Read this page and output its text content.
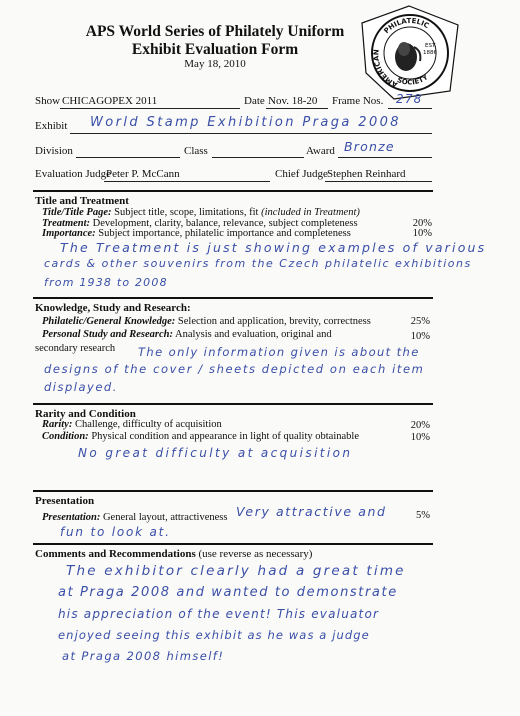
APS World Series of Philately Uniform
Exhibit Evaluation Form
May 18, 2010
PHILATELIC
AMERICAN
SOCIETY
EST.
1886
Show CHICAGOPEX 2011	Date Nov. 18-20 Frame Nos. 278
Exhibit World Stamp Exhibition Praga 2008
Division	Class	Award Bronze
Evaluation Judge
Peter P. McCann	Chief Judge Stephen Reinhard
Title and Treatment
Title/Title Page: Subject title, scope, limitations, fit (included in Treatment)
Treatment: Development, clarity, balance, relevance, subject completeness	20%
Importance: Subject importance, philatelic importance and completeness	10%
The Treatment is just showing examples of various
cards & other souvenirs from the Czech philatelic exhibitions
from 1938 to 2008
Knowledge, Study and Research:
Philatelic/General Knowledge: Selection and application, brevity, correctness	25%
Personal Study and Research: Analysis and evaluation, original and	10%
secondary research The only information given is about the
designs of the cover / sheets depicted on each item
displayed.
Rarity and Condition
Rarity: Challenge, difficulty of acquisition	20%
Condition: Physical condition and appearance in light of quality obtainable	10%
No great difficulty at acquisition
Presentation
Presentation: General layout, attractiveness	5%
Very attractive and
fun to look at.
Comments and Recommendations (use reverse as necessary)
The exhibitor clearly had a great time
at Praga 2008 and wanted to demonstrate
his appreciation of the event! This evaluator
enjoyed seeing this exhibit as he was a judge
at Praga 2008 himself!
